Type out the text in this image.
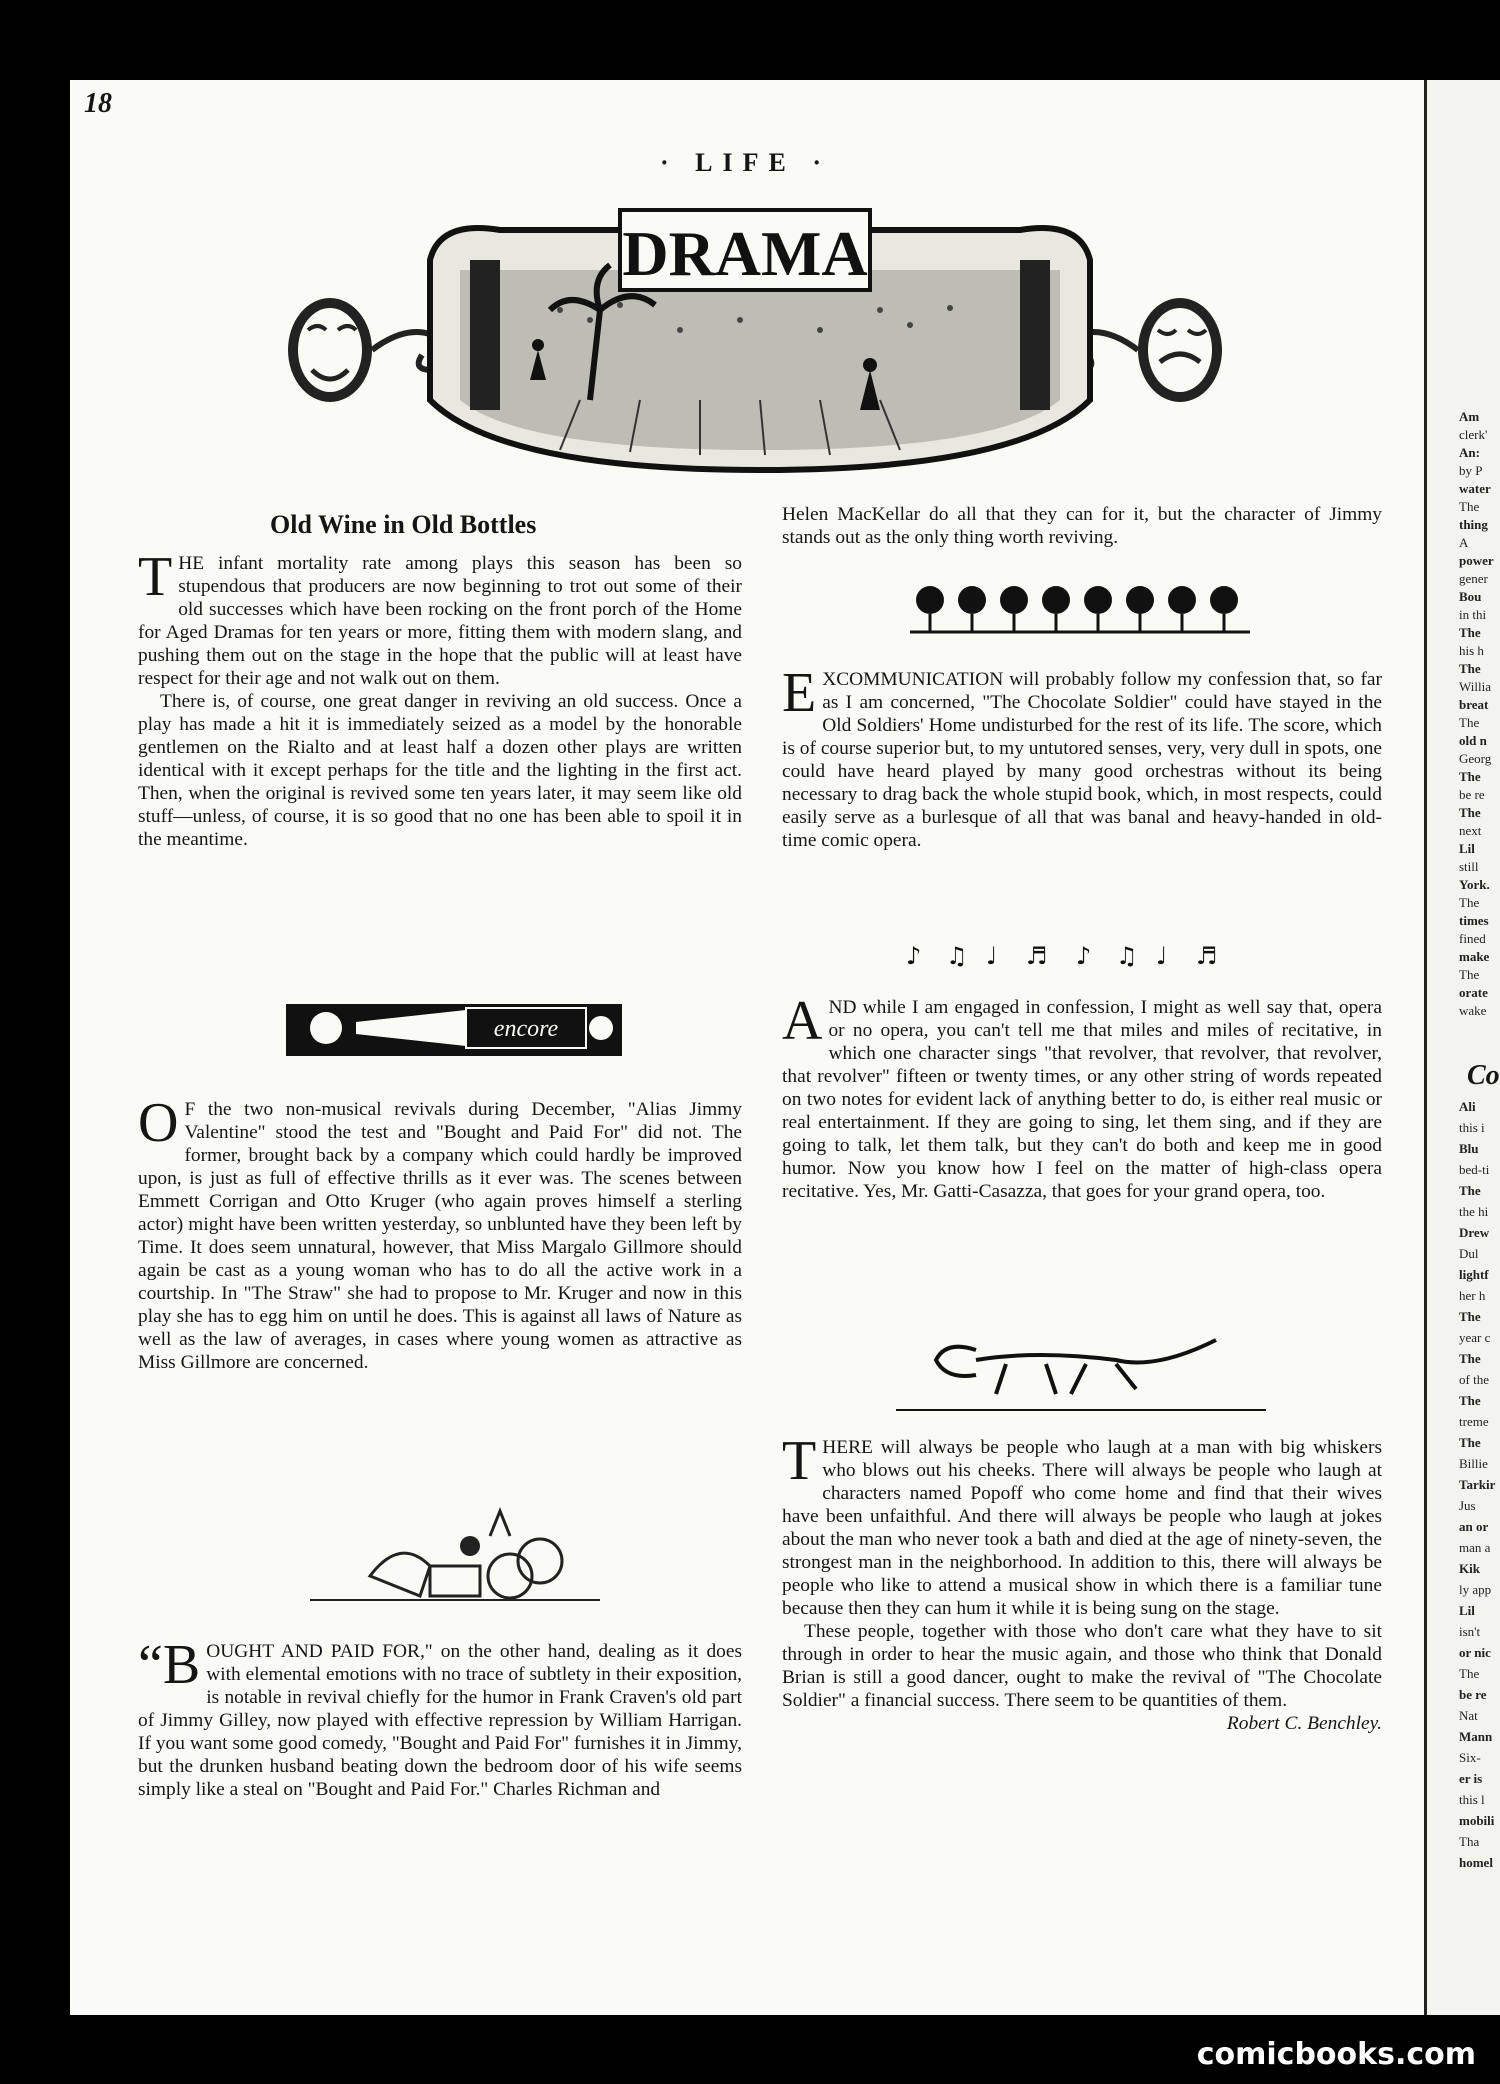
Am
clerk'
An:
by P
water
The
thing
A
power
gener
Bou
in thi
The
his h
The
Willia
breat
The
old n
Georg
The
be re
The
next
Lil
still
York.
The
times
fined
make
The
orate
wake
Co
Ali
this i
Blu
bed-ti
The
the hi
Drew
Dul
lightf
her h
The
year c
The
of the
The
treme
The
Billie
Tarkir
Jus
an or
man a
Kik
ly app
Lil
isn't
or nic
The
be re
Nat
Mann
Six-
er is
this l
mobili
Tha
homel
18
· LIFE ·
DRAMA
Old Wine in Old Bottles

THE infant mortality rate among plays this season has been so stupendous that producers are now beginning to trot out some of their old successes which have been rocking on the front porch of the Home for Aged Dramas for ten years or more, fitting them with modern slang, and pushing them out on the stage in the hope that the public will at least have respect for their age and not walk out on them.

There is, of course, one great danger in reviving an old success. Once a play has made a hit it is immediately seized as a model by the honorable gentlemen on the Rialto and at least half a dozen other plays are written identical with it except perhaps for the title and the lighting in the first act. Then, when the original is revived some ten years later, it may seem like old stuff—unless, of course, it is so good that no one has been able to spoil it in the meantime.

encore

O F the two non-musical revivals during December, "Alias Jimmy Valentine" stood the test and "Bought and Paid For" did not. The former, brought back by a company which could hardly be improved upon, is just as full of effective thrills as it ever was. The scenes between Emmett Corrigan and Otto Kruger (who again proves himself a sterling actor) might have been written yesterday, so unblunted have they been left by Time. It does seem unnatural, however, that Miss Margalo Gillmore should again be cast as a young woman who has to do all the active work in a courtship. In "The Straw" she had to propose to Mr. Kruger and now in this play she has to egg him on until he does. This is against all laws of Nature as well as the law of averages, in cases where young women as attractive as Miss Gillmore are concerned.

“BOUGHT AND PAID FOR," on the other hand, dealing as it does with elemental emotions with no trace of subtlety in their exposition, is notable in revival chiefly for the humor in Frank Craven's old part of Jimmy Gilley, now played with effective repression by William Harrigan. If you want some good comedy, "Bought and Paid For" furnishes it in Jimmy, but the drunken husband beating down the bedroom door of his wife seems simply like a steal on "Bought and Paid For." Charles Richman and

Helen MacKellar do all that they can for it, but the character of Jimmy stands out as the only thing worth reviving.

EXCOMMUNICATION will probably follow my confession that, so far as I am concerned, "The Chocolate Soldier" could have stayed in the Old Soldiers' Home undisturbed for the rest of its life. The score, which is of course superior but, to my untutored senses, very, very dull in spots, one could have heard played by many good orchestras without its being necessary to drag back the whole stupid book, which, in most respects, could easily serve as a burlesque of all that was banal and heavy-handed in old-time comic opera.

♪ ♫ ♩ ♬ ♪ ♫ ♩ ♬

AND while I am engaged in confession, I might as well say that, opera or no opera, you can't tell me that miles and miles of recitative, in which one character sings "that revolver, that revolver, that revolver, that revolver" fifteen or twenty times, or any other string of words repeated on two notes for evident lack of anything better to do, is either real music or real entertainment. If they are going to sing, let them sing, and if they are going to talk, let them talk, but they can't do both and keep me in good humor. Now you know how I feel on the matter of high-class opera recitative. Yes, Mr. Gatti-Casazza, that goes for your grand opera, too.

THERE will always be people who laugh at a man with big whiskers who blows out his cheeks. There will always be people who laugh at characters named Popoff who come home and find that their wives have been unfaithful. And there will always be people who laugh at jokes about the man who never took a bath and died at the age of ninety-seven, the strongest man in the neighborhood. In addition to this, there will always be people who like to attend a musical show in which there is a familiar tune because then they can hum it while it is being sung on the stage.

These people, together with those who don't care what they have to sit through in order to hear the music again, and those who think that Donald Brian is still a good dancer, ought to make the revival of "The Chocolate Soldier" a financial success. There seem to be quantities of them.
Robert C. Benchley.

comicbooks.com
